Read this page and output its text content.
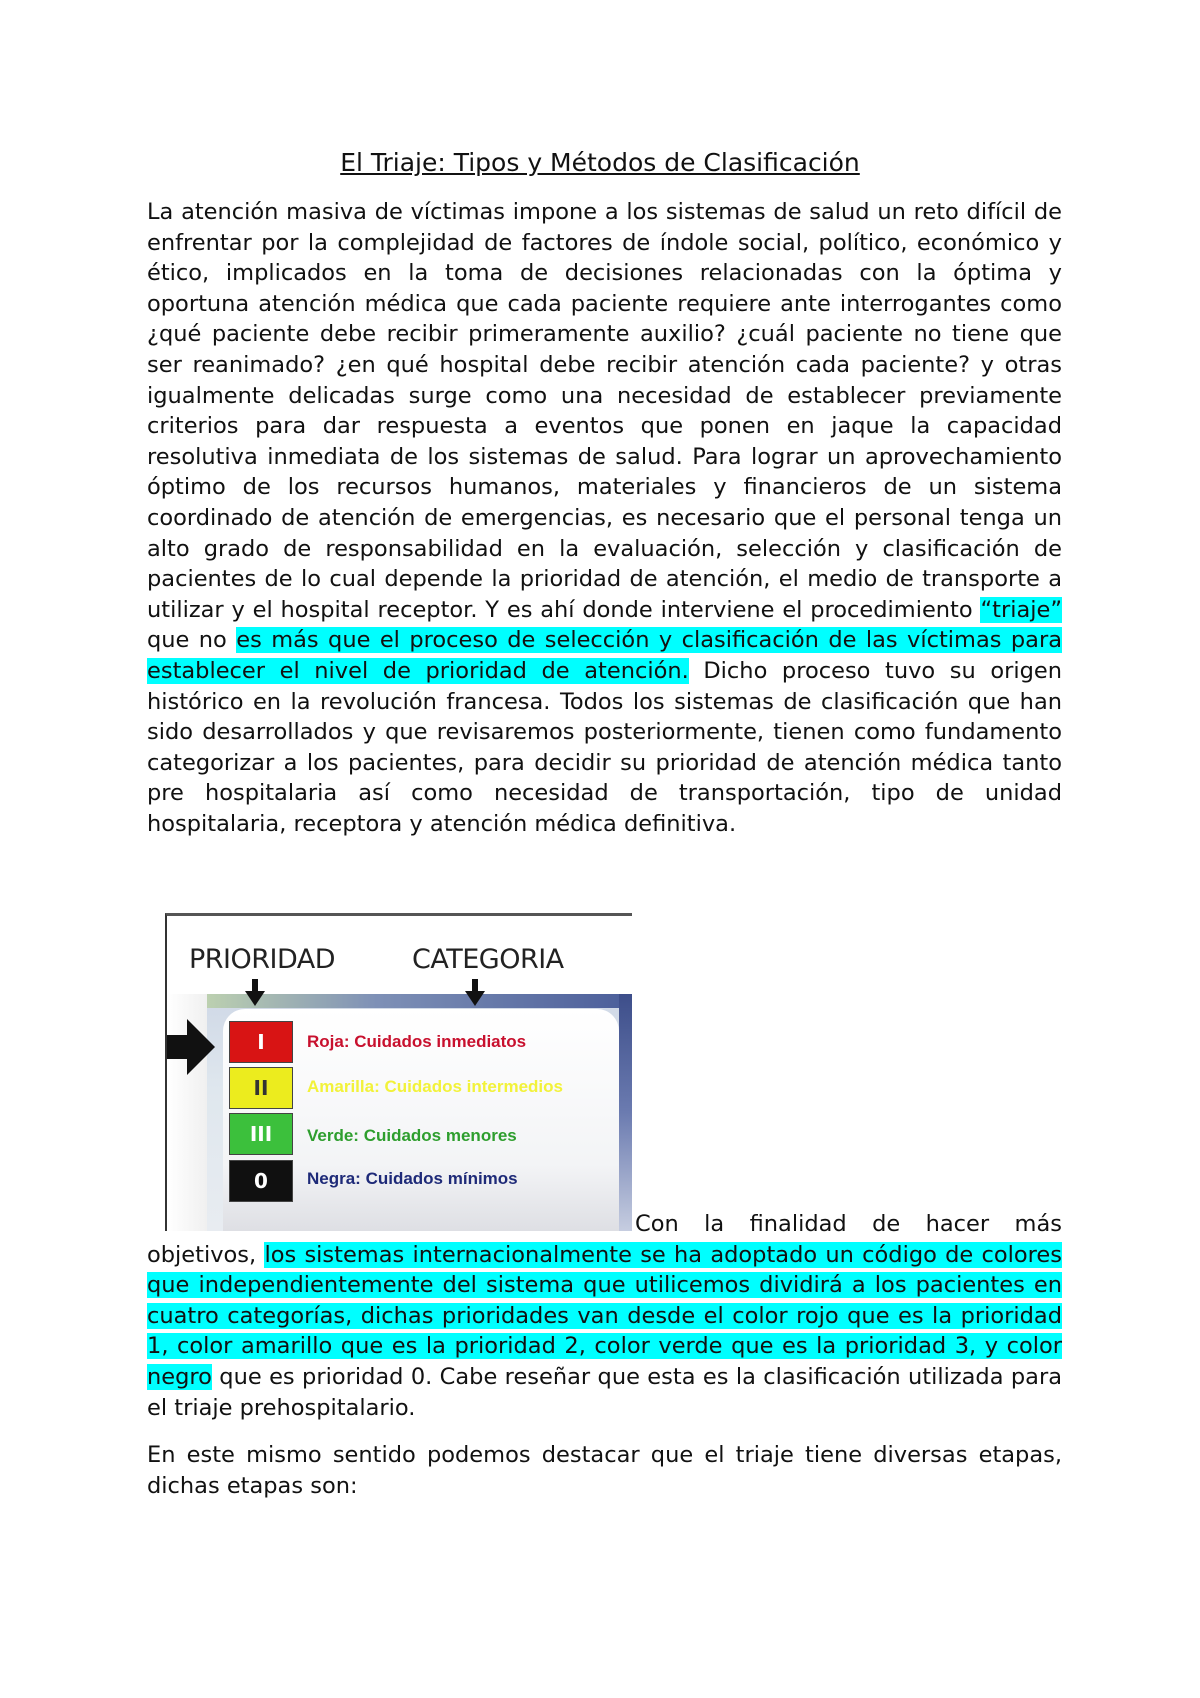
El Triaje: Tipos y Métodos de Clasificación

La atención masiva de víctimas impone a los sistemas de salud un reto difícil de enfrentar por la complejidad de factores de índole social, político, económico y ético, implicados en la toma de decisiones relacionadas con la óptima y oportuna atención médica que cada paciente requiere ante interrogantes como ¿qué paciente debe recibir primeramente auxilio? ¿cuál paciente no tiene que ser reanimado? ¿en qué hospital debe recibir atención cada paciente? y otras igualmente delicadas surge como una necesidad de establecer previamente criterios para dar respuesta a eventos que ponen en jaque la capacidad resolutiva inmediata de los sistemas de salud. Para lograr un aprovechamiento óptimo de los recursos humanos, materiales y financieros de un sistema coordinado de atención de emergencias, es necesario que el personal tenga un alto grado de responsabilidad en la evaluación, selección y clasificación de pacientes de lo cual depende la prioridad de atención, el medio de transporte a utilizar y el hospital receptor. Y es ahí donde interviene el procedimiento “triaje” que no es más que el proceso de selección y clasificación de las víctimas para establecer el nivel de prioridad de atención. Dicho proceso tuvo su origen histórico en la revolución francesa. Todos los sistemas de clasificación que han sido desarrollados y que revisaremos posteriormente, tienen como fundamento categorizar a los pacientes, para decidir su prioridad de atención médica tanto pre hospitalaria así como necesidad de transportación, tipo de unidad hospitalaria, receptora y atención médica definitiva.

PRIORIDAD	CATEGORIA
I Roja: Cuidados inmediatos
II Amarilla: Cuidados intermedios
III Verde: Cuidados menores
0 Negra: Cuidados mínimos

Con la finalidad de hacer más objetivos, los sistemas internacionalmente se ha adoptado un código de colores que independientemente del sistema que utilicemos dividirá a los pacientes en cuatro categorías, dichas prioridades van desde el color rojo que es la prioridad 1, color amarillo que es la prioridad 2, color verde que es la prioridad 3, y color negro que es prioridad 0. Cabe reseñar que esta es la clasificación utilizada para el triaje prehospitalario.

En este mismo sentido podemos destacar que el triaje tiene diversas etapas, dichas etapas son:
